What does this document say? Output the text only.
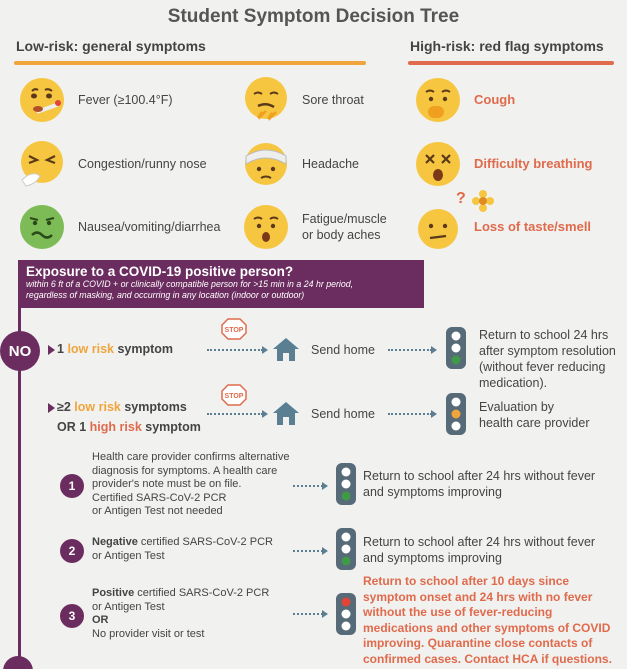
Student Symptom Decision Tree
Low-risk: general symptoms	High-risk: red flag symptoms
Fever (≥100.4°F)	Sore throat
Congestion/runny nose	Headache
Nausea/vomiting/diarrhea
Fatigue/muscle
or body aches
Cough
Difficulty breathing
Loss of taste/smell
?
Exposure to a COVID-19 positive person?
within 6 ft of a COVID + or clinically compatible person for >15 min in a 24 hr period,
regardless of masking, and occurring in any location (indoor or outdoor)
NO	1 low risk symptom
STOP
Send home
Return to school 24 hrs
after symptom resolution
(without fever reducing
medication).
≥2 low risk symptoms
OR 1 high risk symptom
STOP
Send home	Evaluation by
health care provider
1
Health care provider confirms alternative
diagnosis for symptoms. A health care
provider's note must be on file.
Certified SARS-CoV-2 PCR
or Antigen Test not needed
Return to school after 24 hrs without fever
and symptoms improving
2
Negative certified SARS-CoV-2 PCR
or Antigen Test
Return to school after 24 hrs without fever
and symptoms improving
3
Positive certified SARS-CoV-2 PCR
or Antigen Test
OR
No provider visit or test
Return to school after 10 days since
symptom onset and 24 hrs with no fever
without the use of fever-reducing
medications and other symptoms of COVID
improving. Quarantine close contacts of
confirmed cases. Contact HCA if questions.
